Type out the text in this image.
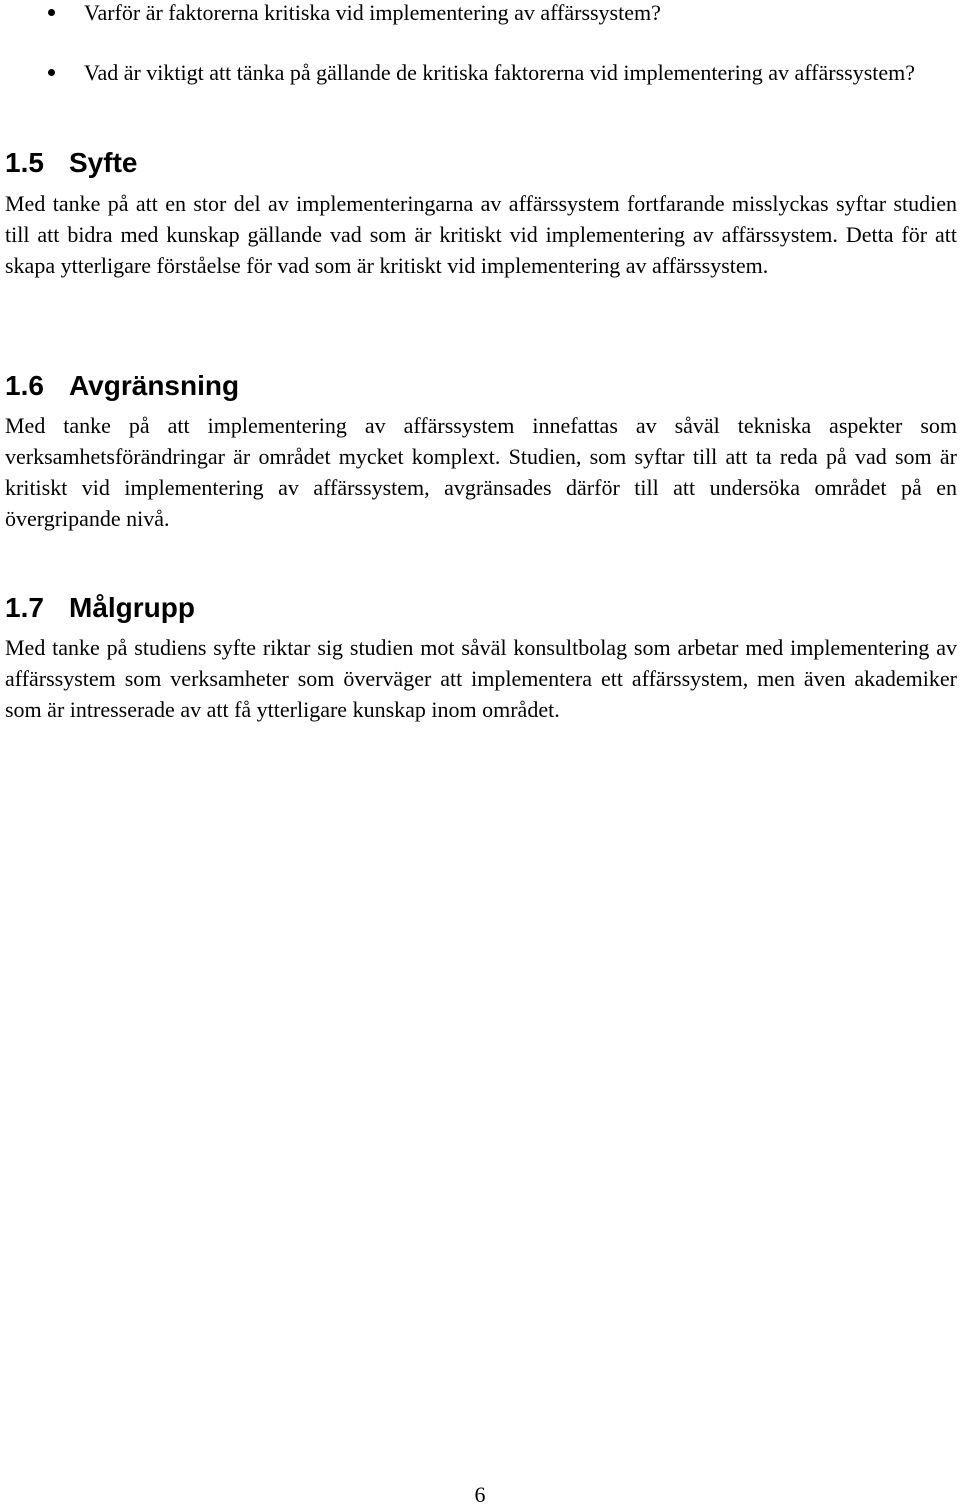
Varför är faktorerna kritiska vid implementering av affärssystem?
Vad är viktigt att tänka på gällande de kritiska faktorerna vid implementering av affärssystem?
1.5 Syfte

Med tanke på att en stor del av implementeringarna av affärssystem fortfarande misslyckas syftar studien till att bidra med kunskap gällande vad som är kritiskt vid implementering av affärssystem. Detta för att skapa ytterligare förståelse för vad som är kritiskt vid implementering av affärssystem.

1.6 Avgränsning

Med tanke på att implementering av affärssystem innefattas av såväl tekniska aspekter som verksamhetsförändringar är området mycket komplext. Studien, som syftar till att ta reda på vad som är kritiskt vid implementering av affärssystem, avgränsades därför till att undersöka området på en övergripande nivå.

1.7 Målgrupp

Med tanke på studiens syfte riktar sig studien mot såväl konsultbolag som arbetar med implementering av affärssystem som verksamheter som överväger att implementera ett affärssystem, men även akademiker som är intresserade av att få ytterligare kunskap inom området.

6
